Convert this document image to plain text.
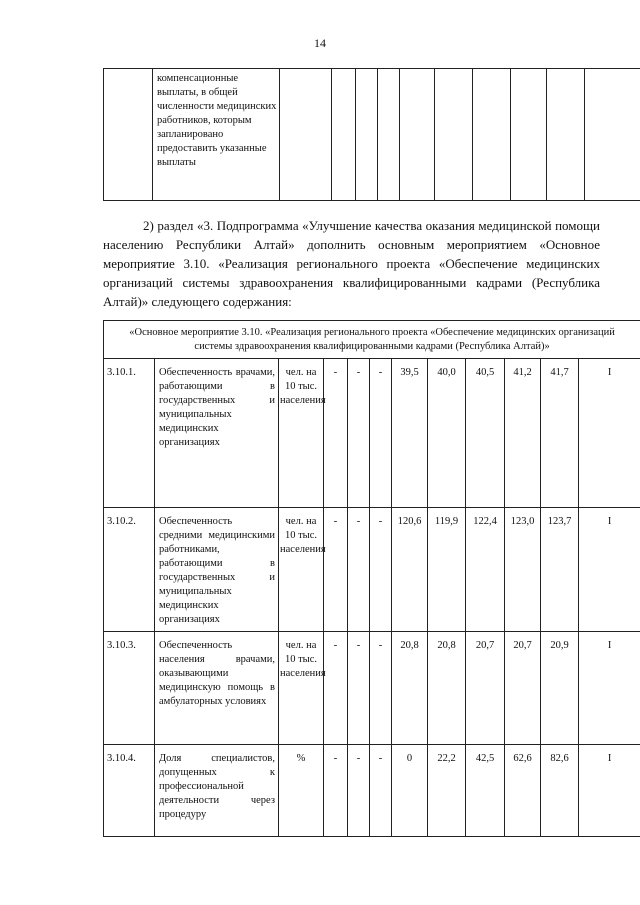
14
	компенсационные выплаты, в общей численности медицинских работников, которым запланировано предоставить указанные выплаты										
2) раздел «3. Подпрограмма «Улучшение качества оказания медицинской помощи населению Республики Алтай» дополнить основным мероприятием «Основное мероприятие 3.10. «Реализация регионального проекта «Обеспечение медицинских организаций системы здравоохранения квалифицированными кадрами (Республика Алтай)» следующего содержания:
«Основное мероприятие 3.10. «Реализация регионального проекта «Обеспечение медицинских организаций системы здравоохранения квалифицированными кадрами (Республика Алтай)»											
3.10.1.	Обеспеченность врачами, работающими в государственных и муниципальных медицинских организациях	чел. на 10 тыс. населения	-	-	-	39,5	40,0	40,5	41,2	41,7	I
3.10.2.	Обеспеченность средними медицинскими работниками, работающими в государственных и муниципальных медицинских организациях	чел. на 10 тыс. населения	-	-	-	120,6	119,9	122,4	123,0	123,7	I
3.10.3.	Обеспеченность населения врачами, оказывающими медицинскую помощь в амбулаторных условиях	чел. на 10 тыс. населения	-	-	-	20,8	20,8	20,7	20,7	20,9	I
3.10.4.	Доля специалистов, допущенных к профессиональной деятельности через процедуру	%	-	-	-	0	22,2	42,5	62,6	82,6	I
